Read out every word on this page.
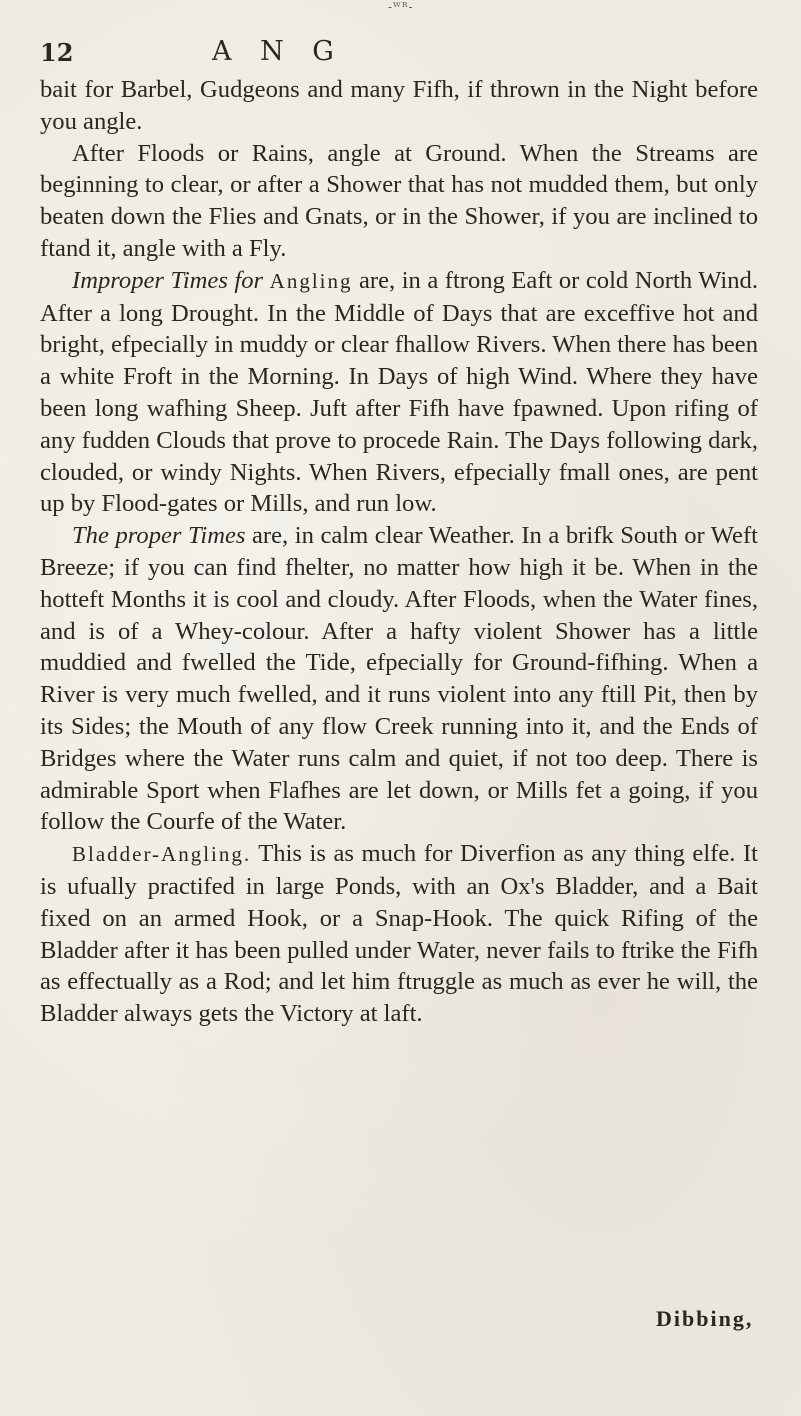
-ᵂᴿ-
12	A N G

bait for Barbel, Gudgeons and many Fifh, if thrown in the Night before you angle.

After Floods or Rains, angle at Ground. When the Streams are beginning to clear, or after a Shower that has not mudded them, but only beaten down the Flies and Gnats, or in the Shower, if you are inclined to ftand it, angle with a Fly.

Improper Times for Angling are, in a ftrong Eaft or cold North Wind. After a long Drought. In the Middle of Days that are exceffive hot and bright, efpecially in muddy or clear fhallow Rivers. When there has been a white Froft in the Morning. In Days of high Wind. Where they have been long wafhing Sheep. Juft after Fifh have fpawned. Upon rifing of any fudden Clouds that prove to procede Rain. The Days following dark, clouded, or windy Nights. When Rivers, efpecially fmall ones, are pent up by Flood-gates or Mills, and run low.

The proper Times are, in calm clear Weather. In a brifk South or Weft Breeze; if you can find fhelter, no matter how high it be. When in the hotteft Months it is cool and cloudy. After Floods, when the Water fines, and is of a Whey-colour. After a hafty violent Shower has a little muddied and fwelled the Tide, efpecially for Ground-fifhing. When a River is very much fwelled, and it runs violent into any ftill Pit, then by its Sides; the Mouth of any flow Creek running into it, and the Ends of Bridges where the Water runs calm and quiet, if not too deep. There is admirable Sport when Flafhes are let down, or Mills fet a going, if you follow the Courfe of the Water.

Bladder-Angling. This is as much for Diverfion as any thing elfe. It is ufually practifed in large Ponds, with an Ox's Bladder, and a Bait fixed on an armed Hook, or a Snap-Hook. The quick Rifing of the Bladder after it has been pulled under Water, never fails to ftrike the Fifh as effectually as a Rod; and let him ftruggle as much as ever he will, the Bladder always gets the Victory at laft.

Dibbing,
